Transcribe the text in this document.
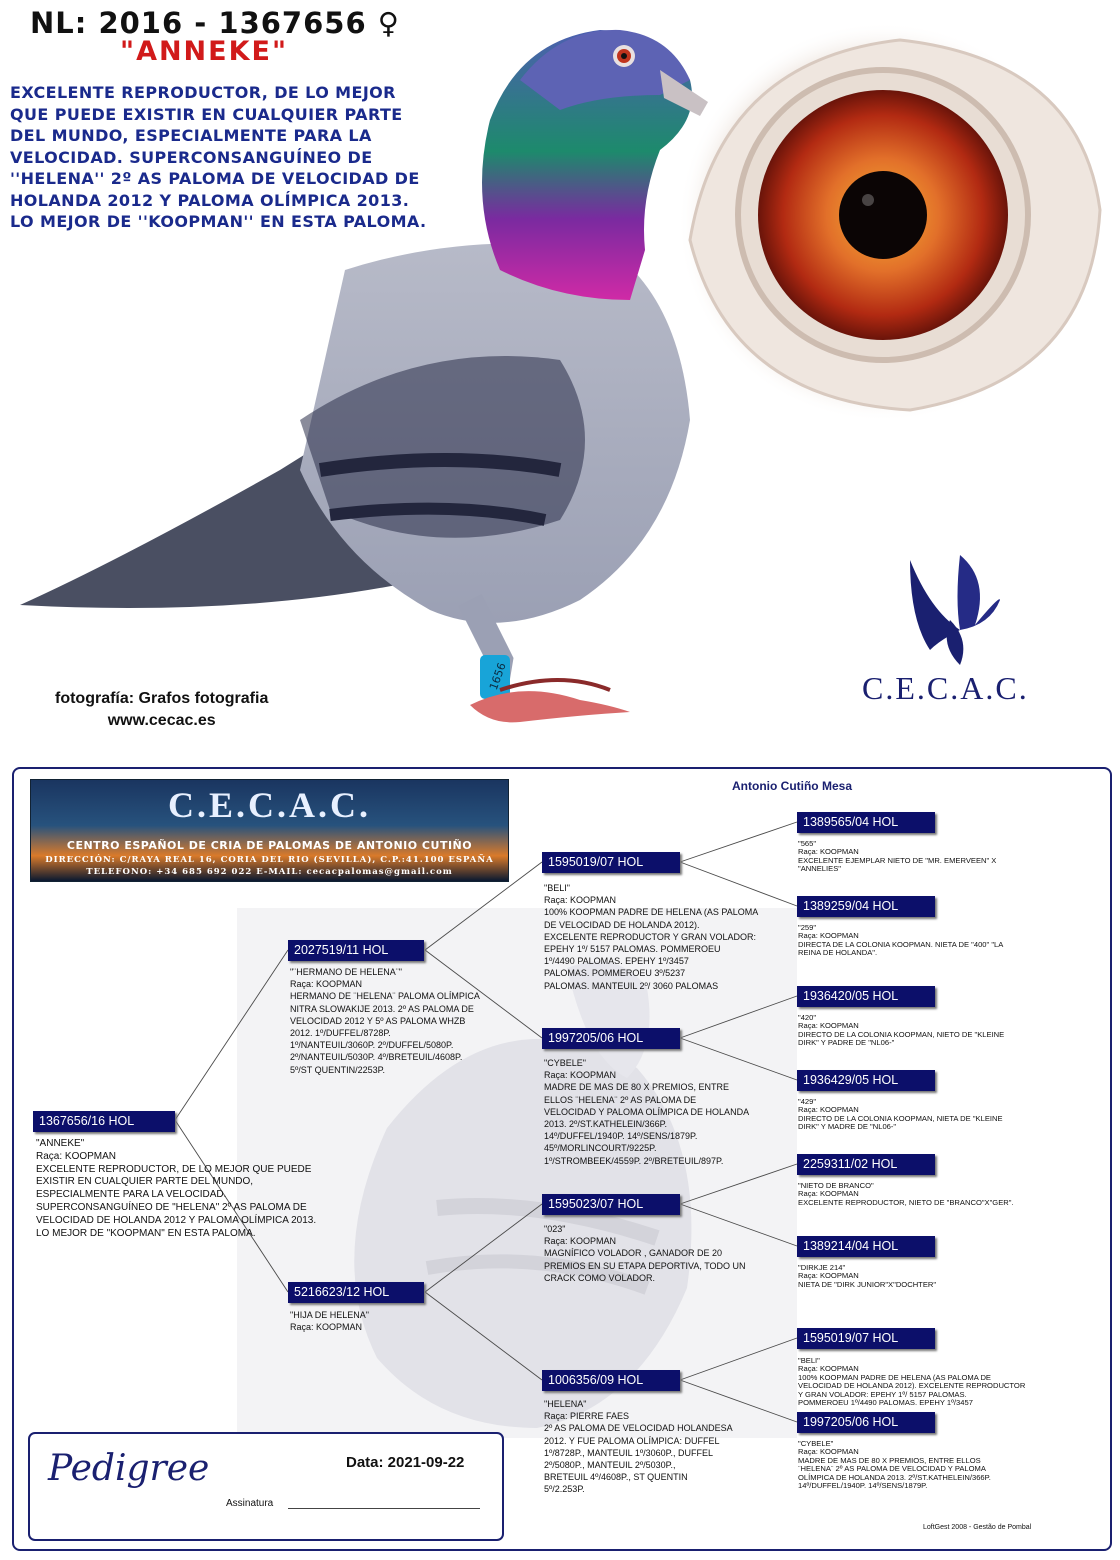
NL: 2016 - 1367656 ♀
"ANNEKE"
EXCELENTE REPRODUCTOR, DE LO MEJOR
QUE PUEDE EXISTIR EN CUALQUIER PARTE
DEL MUNDO, ESPECIALMENTE PARA LA
VELOCIDAD. SUPERCONSANGUÍNEO DE
''HELENA'' 2º AS PALOMA DE VELOCIDAD DE
HOLANDA 2012 Y PALOMA OLÍMPICA 2013.
LO MEJOR DE ''KOOPMAN'' EN ESTA PALOMA.
1656
fotografía: Grafos fotografia
www.cecac.es
C.E.C.A.C.
C.E.C.A.C.
CENTRO ESPAÑOL DE CRIA DE PALOMAS DE ANTONIO CUTIÑO
DIRECCIÓN: C/RAYA REAL 16, CORIA DEL RIO (SEVILLA), C.P.:41.100 ESPAÑA
TELEFONO: +34 685 692 022 E-MAIL: cecacpalomas@gmail.com
Antonio Cutiño Mesa
1367656/16 HOL
"ANNEKE"
Raça: KOOPMAN
EXCELENTE REPRODUCTOR, DE LO MEJOR QUE PUEDE
EXISTIR EN CUALQUIER PARTE DEL MUNDO,
ESPECIALMENTE PARA LA VELOCIDAD.
SUPERCONSANGUÍNEO DE "HELENA" 2º AS PALOMA DE
VELOCIDAD DE HOLANDA 2012 Y PALOMA OLÍMPICA 2013.
LO MEJOR DE "KOOPMAN" EN ESTA PALOMA.
2027519/11 HOL
"¨HERMANO DE HELENA¨"
Raça: KOOPMAN
HERMANO DE ¨HELENA¨ PALOMA OLÍMPICA
NITRA SLOWAKIJE 2013. 2º AS PALOMA DE
VELOCIDAD 2012 Y 5º AS PALOMA WHZB
2012. 1º/DUFFEL/8728P.
1º/NANTEUIL/3060P. 2º/DUFFEL/5080P.
2º/NANTEUIL/5030P. 4º/BRETEUIL/4608P.
5º/ST QUENTIN/2253P.
5216623/12 HOL
"HIJA DE HELENA"
Raça: KOOPMAN
1595019/07 HOL
"BELI"
Raça: KOOPMAN
100% KOOPMAN PADRE DE HELENA (AS PALOMA
DE VELOCIDAD DE HOLANDA 2012).
EXCELENTE REPRODUCTOR Y GRAN VOLADOR:
EPEHY 1º/ 5157 PALOMAS. POMMEROEU
1º/4490 PALOMAS. EPEHY 1º/3457
PALOMAS. POMMEROEU 3º/5237
PALOMAS. MANTEUIL 2º/ 3060 PALOMAS
1997205/06 HOL
"CYBELE"
Raça: KOOPMAN
MADRE DE MAS DE 80 X PREMIOS, ENTRE
ELLOS ¨HELENA¨ 2º AS PALOMA DE
VELOCIDAD Y PALOMA OLÍMPICA DE HOLANDA
2013. 2º/ST.KATHELEIN/366P.
14º/DUFFEL/1940P. 14º/SENS/1879P.
45º/MORLINCOURT/9225P.
1º/STROMBEEK/4559P. 2º/BRETEUIL/897P.
1595023/07 HOL
"023"
Raça: KOOPMAN
MAGNÍFICO VOLADOR , GANADOR DE 20
PREMIOS EN SU ETAPA DEPORTIVA, TODO UN
CRACK COMO VOLADOR.
1006356/09 HOL
"HELENA"
Raça: PIERRE FAES
2º AS PALOMA DE VELOCIDAD HOLANDESA
2012. Y FUE PALOMA OLÍMPICA: DUFFEL
1º/8728P., MANTEUIL 1º/3060P., DUFFEL
2º/5080P., MANTEUIL 2º/5030P.,
BRETEUIL 4º/4608P., ST QUENTIN
5º/2.253P.
1389565/04 HOL
"565"
Raça: KOOPMAN
EXCELENTE EJEMPLAR NIETO DE "MR. EMERVEEN" X
"ANNELIES"
1389259/04 HOL
"259"
Raça: KOOPMAN
DIRECTA DE LA COLONIA KOOPMAN. NIETA DE "400" "LA
REINA DE HOLANDA".
1936420/05 HOL
"420"
Raça: KOOPMAN
DIRECTO DE LA COLONIA KOOPMAN, NIETO DE "KLEINE
DIRK" Y PADRE DE "NL06-"
1936429/05 HOL
"429"
Raça: KOOPMAN
DIRECTO DE LA COLONIA KOOPMAN, NIETA DE "KLEINE
DIRK" Y MADRE DE "NL06-"
2259311/02 HOL
"NIETO DE BRANCO"
Raça: KOOPMAN
EXCELENTE REPRODUCTOR, NIETO DE "BRANCO"X"GER".
1389214/04 HOL
"DIRKJE 214"
Raça: KOOPMAN
NIETA DE "DIRK JUNIOR"X"DOCHTER"
1595019/07 HOL
"BELI"
Raça: KOOPMAN
100% KOOPMAN PADRE DE HELENA (AS PALOMA DE
VELOCIDAD DE HOLANDA 2012). EXCELENTE REPRODUCTOR
Y GRAN VOLADOR: EPEHY 1º/ 5157 PALOMAS.
POMMEROEU 1º/4490 PALOMAS. EPEHY 1º/3457
1997205/06 HOL
"CYBELE"
Raça: KOOPMAN
MADRE DE MAS DE 80 X PREMIOS, ENTRE ELLOS
¨HELENA¨ 2º AS PALOMA DE VELOCIDAD Y PALOMA
OLÍMPICA DE HOLANDA 2013. 2º/ST.KATHELEIN/366P.
14º/DUFFEL/1940P. 14º/SENS/1879P.
Pedigree	Data: 2021-09-22
Assinatura
LoftGest 2008 - Gestão de Pombal
